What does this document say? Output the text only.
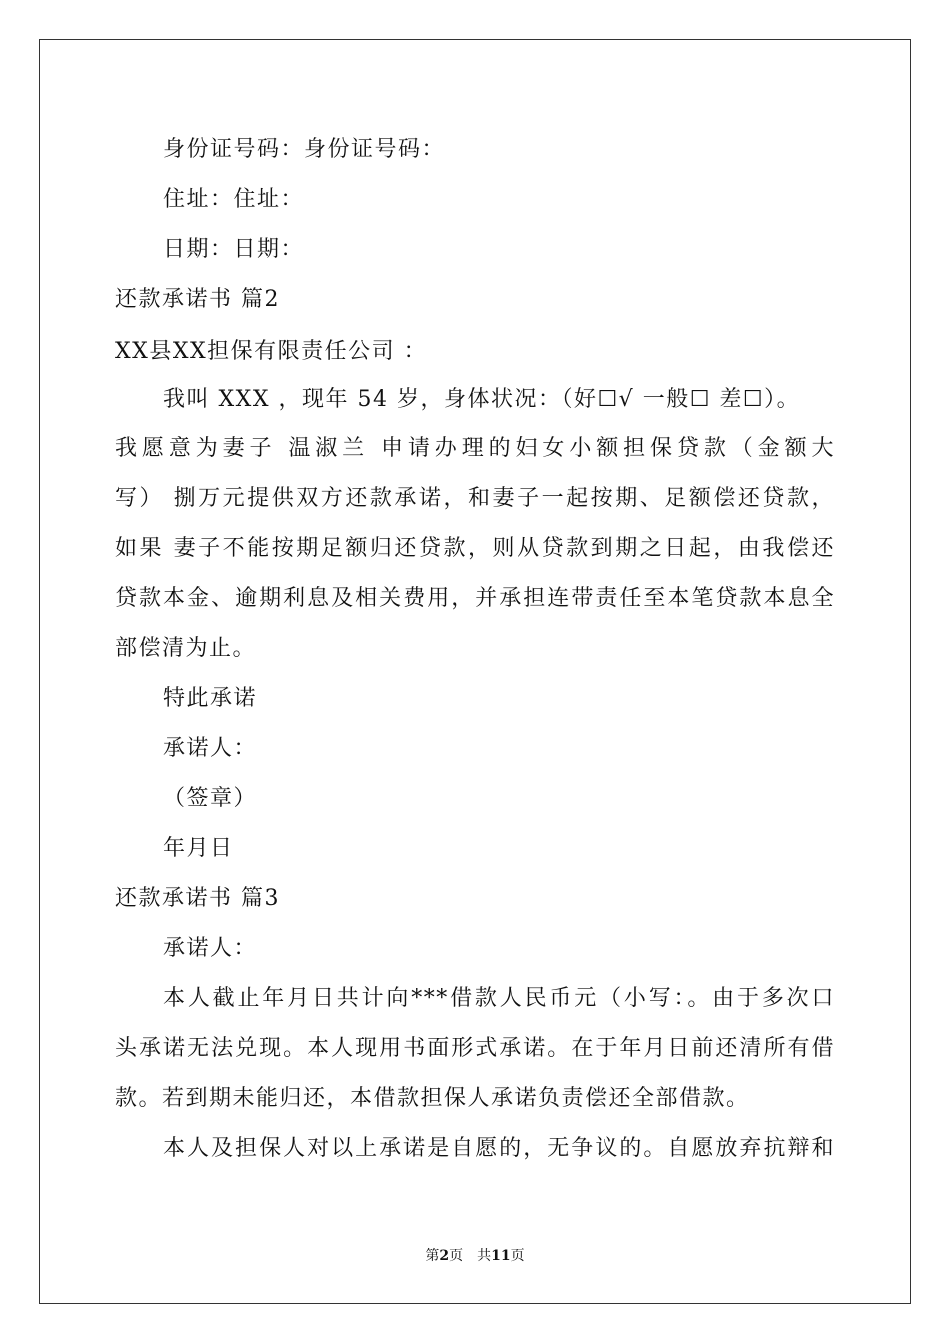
身份证号码：身份证号码：
住址：住址：
日期：日期：
还款承诺书 篇2
XX县XX担保有限责任公司 ：
我叫 XXX ，现年 54 岁，身体状况：（好☐√ 一般☐ 差☐）。
我愿意为妻子 温淑兰 申请办理的妇女小额担保贷款（金额大
写） 捌万元提供双方还款承诺，和妻子一起按期、足额偿还贷款，
如果 妻子不能按期足额归还贷款，则从贷款到期之日起，由我偿还
贷款本金、逾期利息及相关费用，并承担连带责任至本笔贷款本息全
部偿清为止。
特此承诺
承诺人：
（签章）
年月日
还款承诺书 篇3
承诺人：
本人截止年月日共计向***借款人民币元（小写：。由于多次口
头承诺无法兑现。本人现用书面形式承诺。在于年月日前还清所有借
款。若到期未能归还，本借款担保人承诺负责偿还全部借款。
本人及担保人对以上承诺是自愿的，无争议的。自愿放弃抗辩和
第2页 共11页
